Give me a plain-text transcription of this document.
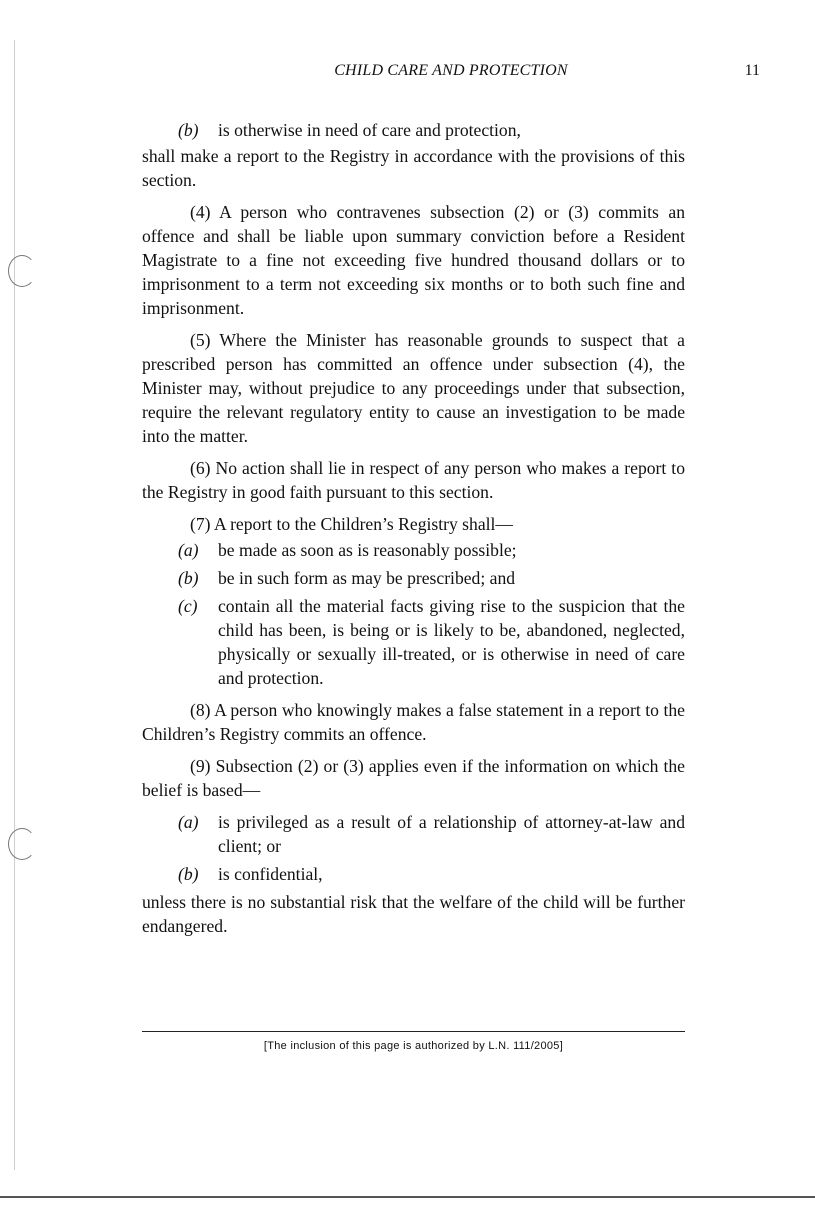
CHILD CARE AND PROTECTION	11
(b)	is otherwise in need of care and protection,

shall make a report to the Registry in accordance with the provisions of this section.

(4) A person who contravenes subsection (2) or (3) commits an offence and shall be liable upon summary conviction before a Resident Magistrate to a fine not exceeding five hundred thousand dollars or to imprisonment to a term not exceeding six months or to both such fine and imprisonment.

(5) Where the Minister has reasonable grounds to suspect that a prescribed person has committed an offence under subsection (4), the Minister may, without prejudice to any proceedings under that subsection, require the relevant regulatory entity to cause an investigation to be made into the matter.

(6) No action shall lie in respect of any person who makes a report to the Registry in good faith pursuant to this section.

(7) A report to the Children’s Registry shall—

(a)	be made as soon as is reasonably possible;
(b)	be in such form as may be prescribed; and
(c)	contain all the material facts giving rise to the suspicion that the child has been, is being or is likely to be, abandoned, neglected, physically or sexually ill-treated, or is otherwise in need of care and protection.

(8) A person who knowingly makes a false statement in a report to the Children’s Registry commits an offence.

(9) Subsection (2) or (3) applies even if the information on which the belief is based—

(a)	is privileged as a result of a relationship of attorney-at-law and client; or
(b)	is confidential,

unless there is no substantial risk that the welfare of the child will be further endangered.

[The inclusion of this page is authorized by L.N. 111/2005]
